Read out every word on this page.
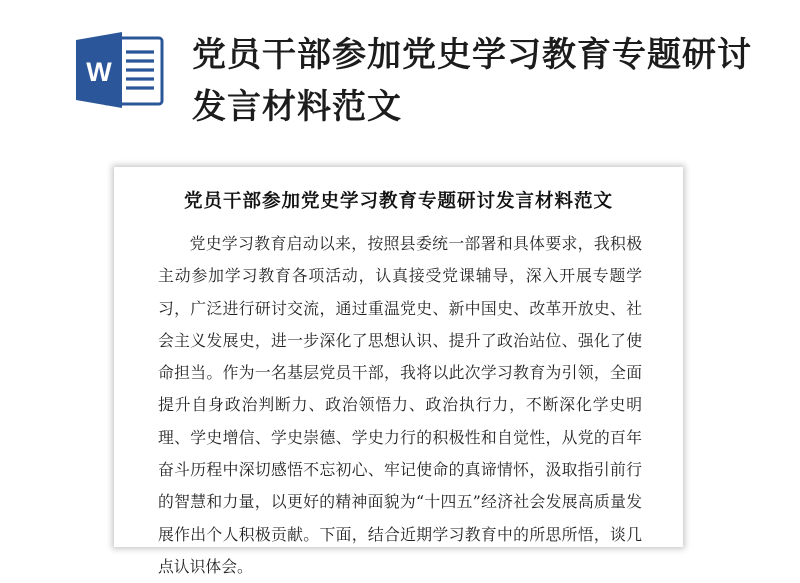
W 党员干部参加党史学习教育专题研讨发言材料范文
党员干部参加党史学习教育专题研讨发言材料范文

党史学习教育启动以来，按照县委统一部署和具体要求，我积极主动参加学习教育各项活动，认真接受党课辅导，深入开展专题学习，广泛进行研讨交流，通过重温党史、新中国史、改革开放史、社会主义发展史，进一步深化了思想认识、提升了政治站位、强化了使命担当。作为一名基层党员干部，我将以此次学习教育为引领，全面提升自身政治判断力、政治领悟力、政治执行力，不断深化学史明理、学史增信、学史崇德、学史力行的积极性和自觉性，从党的百年奋斗历程中深切感悟不忘初心、牢记使命的真谛情怀，汲取指引前行的智慧和力量，以更好的精神面貌为“十四五”经济社会发展高质量发展作出个人积极贡献。下面，结合近期学习教育中的所思所悟，谈几点认识体会。
